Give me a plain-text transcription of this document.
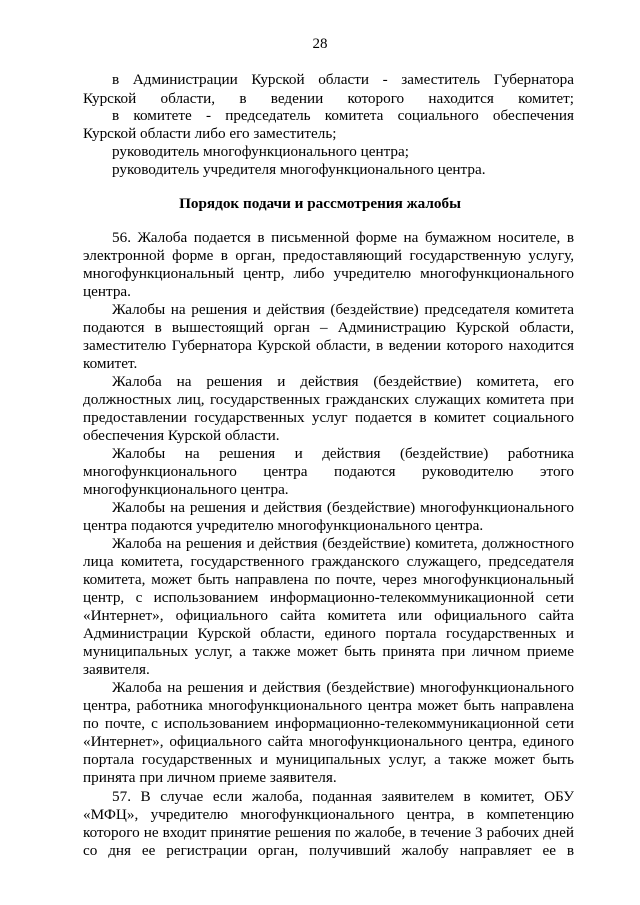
28
в Администрации Курской области - заместитель Губернатора
Курской области, в ведении которого находится комитет;
в комитете - председатель комитета социального обеспечения
Курской области либо его заместитель;
руководитель многофункционального центра;
руководитель учредителя многофункционального центра.
Порядок подачи и рассмотрения жалобы
56. Жалоба подается в письменной форме на бумажном носителе, в
электронной форме в орган, предоставляющий государственную услугу,
многофункциональный центр, либо учредителю многофункционального
центра.
Жалобы на решения и действия (бездействие) председателя комитета
подаются в вышестоящий орган – Администрацию Курской области,
заместителю Губернатора Курской области, в ведении которого находится
комитет.
Жалоба на решения и действия (бездействие) комитета, его
должностных лиц, государственных гражданских служащих комитета при
предоставлении государственных услуг подается в комитет социального
обеспечения Курской области.
Жалобы на решения и действия (бездействие) работника
многофункционального центра подаются руководителю этого
многофункционального центра.
Жалобы на решения и действия (бездействие) многофункционального
центра подаются учредителю многофункционального центра.
Жалоба на решения и действия (бездействие) комитета, должностного
лица комитета, государственного гражданского служащего, председателя
комитета, может быть направлена по почте, через многофункциональный
центр, с использованием информационно-телекоммуникационной сети
«Интернет», официального сайта комитета или официального сайта
Администрации Курской области, единого портала государственных и
муниципальных услуг, а также может быть принята при личном приеме
заявителя.
Жалоба на решения и действия (бездействие) многофункционального
центра, работника многофункционального центра может быть направлена
по почте, с использованием информационно-телекоммуникационной сети
«Интернет», официального сайта многофункционального центра, единого
портала государственных и муниципальных услуг, а также может быть
принята при личном приеме заявителя.
57. В случае если жалоба, поданная заявителем в комитет, ОБУ
«МФЦ», учредителю многофункционального центра, в компетенцию
которого не входит принятие решения по жалобе, в течение 3 рабочих дней
со дня ее регистрации орган, получивший жалобу направляет ее в
